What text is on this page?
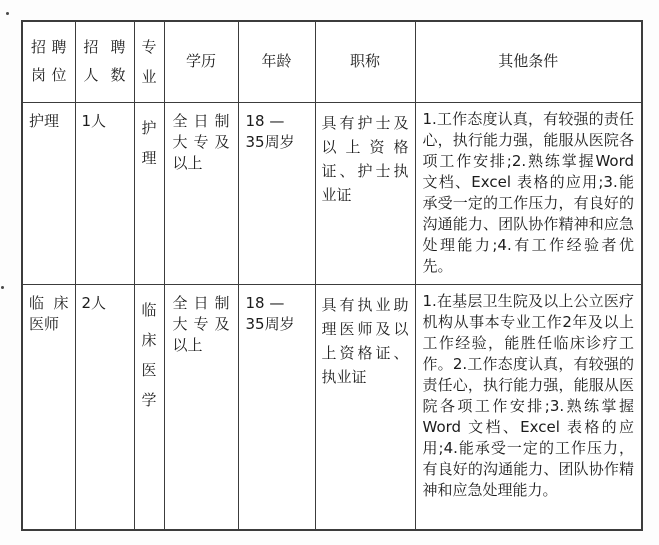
招聘岗位	招聘人数	专业	学历	年龄	职称	其他条件
护理	1人	护理	全日制大专及以上	18 — 35周岁	具有护士及以上资格证、护士执业证	1.工作态度认真，有较强的责任心，执行能力强，能服从医院各项工作安排;2.熟练掌握Word 文档、Excel 表格的应用;3.能承受一定的工作压力，有良好的沟通能力、团队协作精神和应急处理能力;4.有工作经验者优先。
临床医师	2人	临床医学	全日制大专及以上	18 — 35周岁	具有执业助理医师及以上资格证、执业证	1.在基层卫生院及以上公立医疗机构从事本专业工作2年及以上工作经验，能胜任临床诊疗工作。2.工作态度认真，有较强的责任心，执行能力强，能服从医院各项工作安排;3.熟练掌握 Word 文档、Excel 表格的应用;4.能承受一定的工作压力，有良好的沟通能力、团队协作精神和应急处理能力。
